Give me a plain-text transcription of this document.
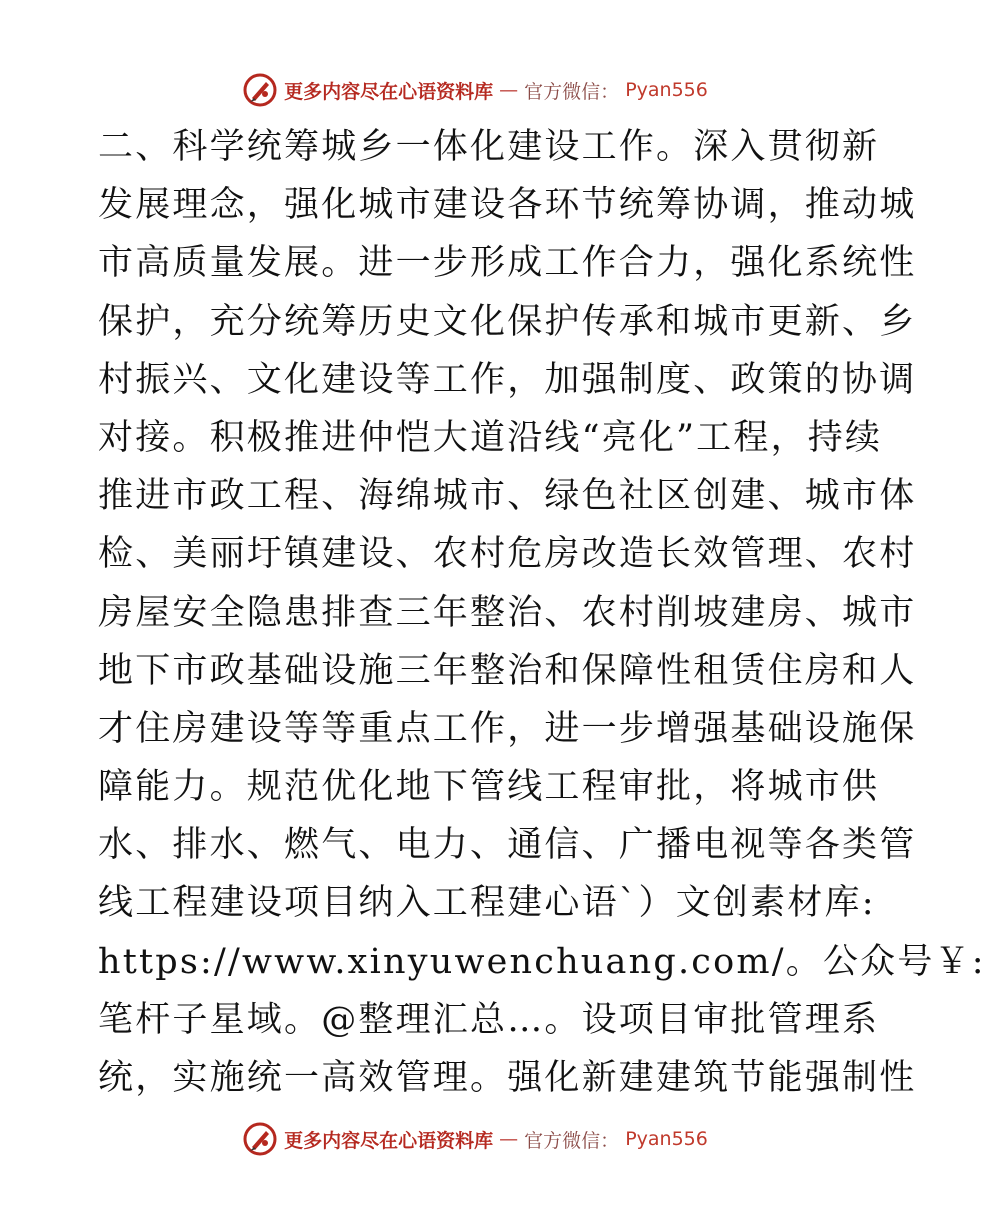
更多内容尽在心语资料库 — 官方微信： Pyan556
二、科学统筹城乡一体化建设工作。深入贯彻新
发展理念，强化城市建设各环节统筹协调，推动城
市高质量发展。进一步形成工作合力，强化系统性
保护，充分统筹历史文化保护传承和城市更新、乡
村振兴、文化建设等工作，加强制度、政策的协调
对接。积极推进仲恺大道沿线“亮化”工程，持续
推进市政工程、海绵城市、绿色社区创建、城市体
检、美丽圩镇建设、农村危房改造长效管理、农村
房屋安全隐患排查三年整治、农村削坡建房、城市
地下市政基础设施三年整治和保障性租赁住房和人
才住房建设等等重点工作，进一步增强基础设施保
障能力。规范优化地下管线工程审批，将城市供
水、排水、燃气、电力、通信、广播电视等各类管
线工程建设项目纳入工程建心语`）文创素材库:
https://www.xinyuwenchuang.com/。公众号￥:
笔杆子星域。@整理汇总…。设项目审批管理系
统，实施统一高效管理。强化新建建筑节能强制性
更多内容尽在心语资料库 — 官方微信： Pyan556
